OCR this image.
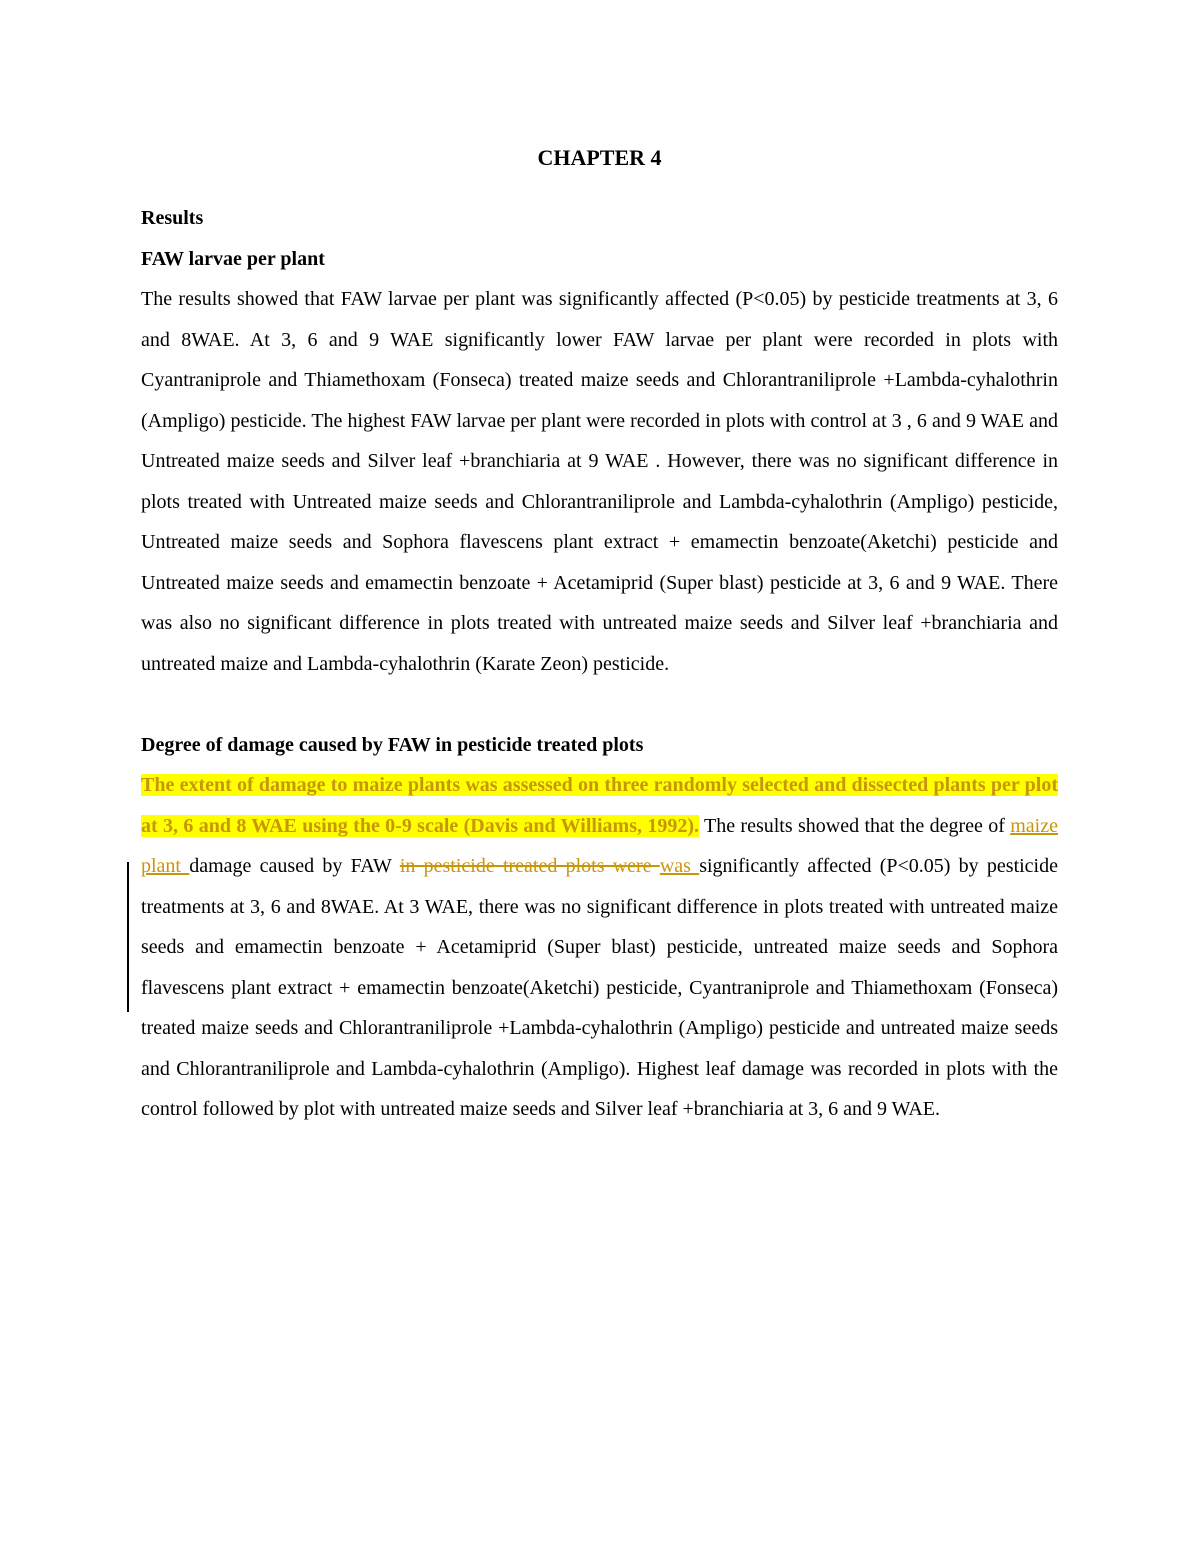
CHAPTER 4
Results
FAW larvae per plant

The results showed that FAW larvae per plant was significantly affected (P<0.05) by pesticide treatments at 3, 6 and 8WAE. At 3, 6 and 9 WAE significantly lower FAW larvae per plant were recorded in plots with Cyantraniprole and Thiamethoxam (Fonseca) treated maize seeds and Chlorantraniliprole +Lambda-cyhalothrin (Ampligo) pesticide. The highest FAW larvae per plant were recorded in plots with control at 3 , 6 and 9 WAE and Untreated maize seeds and Silver leaf +branchiaria at 9 WAE . However, there was no significant difference in plots treated with Untreated maize seeds and Chlorantraniliprole and Lambda-cyhalothrin (Ampligo) pesticide, Untreated maize seeds and Sophora flavescens plant extract + emamectin benzoate(Aketchi) pesticide and Untreated maize seeds and emamectin benzoate + Acetamiprid (Super blast) pesticide at 3, 6 and 9 WAE. There was also no significant difference in plots treated with untreated maize seeds and Silver leaf +branchiaria and untreated maize and Lambda-cyhalothrin (Karate Zeon) pesticide.

Degree of damage caused by FAW in pesticide treated plots

The extent of damage to maize plants was assessed on three randomly selected and dissected plants per plot at 3, 6 and 8 WAE using the 0-9 scale (Davis and Williams, 1992). The results showed that the degree of maize plant damage caused by FAW in pesticide treated plots were was significantly affected (P<0.05) by pesticide treatments at 3, 6 and 8WAE. At 3 WAE, there was no significant difference in plots treated with untreated maize seeds and emamectin benzoate + Acetamiprid (Super blast) pesticide, untreated maize seeds and Sophora flavescens plant extract + emamectin benzoate(Aketchi) pesticide, Cyantraniprole and Thiamethoxam (Fonseca) treated maize seeds and Chlorantraniliprole +Lambda-cyhalothrin (Ampligo) pesticide and untreated maize seeds and Chlorantraniliprole and Lambda-cyhalothrin (Ampligo). Highest leaf damage was recorded in plots with the control followed by plot with untreated maize seeds and Silver leaf +branchiaria at 3, 6 and 9 WAE.
